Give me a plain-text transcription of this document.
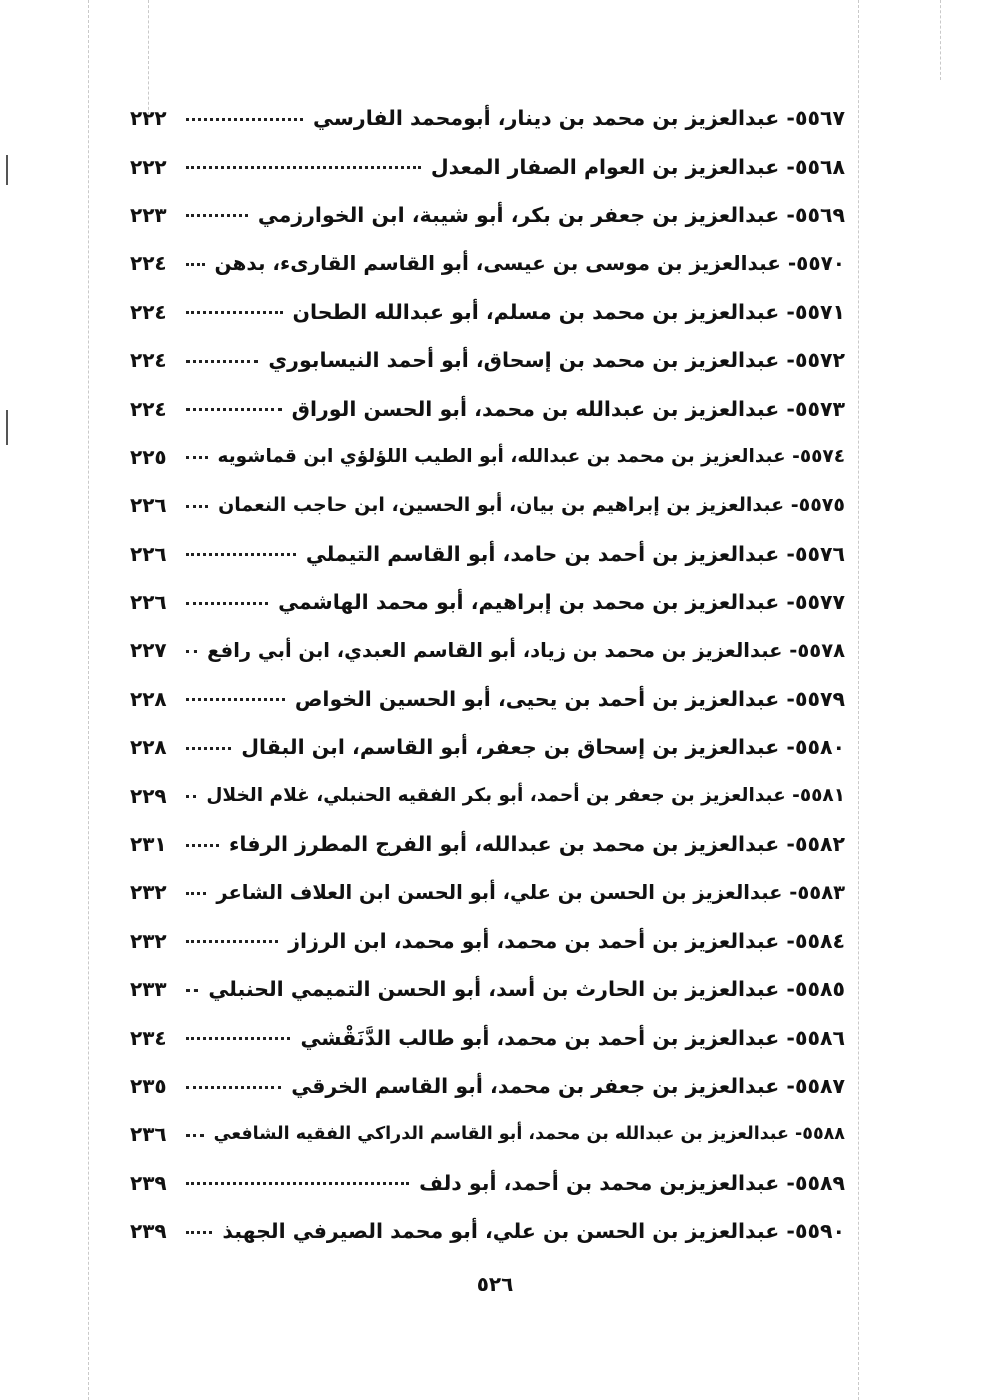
٥٥٦٧- عبدالعزيز بن محمد بن دينار، أبومحمد الفارسي
٢٢٢
٥٥٦٨- عبدالعزيز بن العوام الصفار المعدل
٢٢٢
٥٥٦٩- عبدالعزيز بن جعفر بن بكر، أبو شيبة، ابن الخوارزمي
٢٢٣
٥٥٧٠- عبدالعزيز بن موسى بن عيسى، أبو القاسم القارىء، بدهن
٢٢٤
٥٥٧١- عبدالعزيز بن محمد بن مسلم، أبو عبدالله الطحان
٢٢٤
٥٥٧٢- عبدالعزيز بن محمد بن إسحاق، أبو أحمد النيسابوري
٢٢٤
٥٥٧٣- عبدالعزيز بن عبدالله بن محمد، أبو الحسن الوراق
٢٢٤
٥٥٧٤- عبدالعزيز بن محمد بن عبدالله، أبو الطيب اللؤلؤي ابن قماشويه
٢٢٥
٥٥٧٥- عبدالعزيز بن إبراهيم بن بيان، أبو الحسين، ابن حاجب النعمان
٢٢٦
٥٥٧٦- عبدالعزيز بن أحمد بن حامد، أبو القاسم التيملي
٢٢٦
٥٥٧٧- عبدالعزيز بن محمد بن إبراهيم، أبو محمد الهاشمي
٢٢٦
٥٥٧٨- عبدالعزيز بن محمد بن زياد، أبو القاسم العبدي، ابن أبي رافع
٢٢٧
٥٥٧٩- عبدالعزيز بن أحمد بن يحيى، أبو الحسين الخواص
٢٢٨
٥٥٨٠- عبدالعزيز بن إسحاق بن جعفر، أبو القاسم، ابن البقال
٢٢٨
٥٥٨١- عبدالعزيز بن جعفر بن أحمد، أبو بكر الفقيه الحنبلي، غلام الخلال
٢٢٩
٥٥٨٢- عبدالعزيز بن محمد بن عبدالله، أبو الفرج المطرز الرفاء
٢٣١
٥٥٨٣- عبدالعزيز بن الحسن بن علي، أبو الحسن ابن العلاف الشاعر
٢٣٢
٥٥٨٤- عبدالعزيز بن أحمد بن محمد، أبو محمد، ابن الرزاز
٢٣٢
٥٥٨٥- عبدالعزيز بن الحارث بن أسد، أبو الحسن التميمي الحنبلي
٢٣٣
٥٥٨٦- عبدالعزيز بن أحمد بن محمد، أبو طالب الدَّنَقْشي
٢٣٤
٥٥٨٧- عبدالعزيز بن جعفر بن محمد، أبو القاسم الخرقي
٢٣٥
٥٥٨٨- عبدالعزيز بن عبدالله بن محمد، أبو القاسم الدراكي الفقيه الشافعي
٢٣٦
٥٥٨٩- عبدالعزيزبن محمد بن أحمد، أبو دلف
٢٣٩
٥٥٩٠- عبدالعزيز بن الحسن بن علي، أبو محمد الصيرفي الجهبذ
٢٣٩
٥٢٦
